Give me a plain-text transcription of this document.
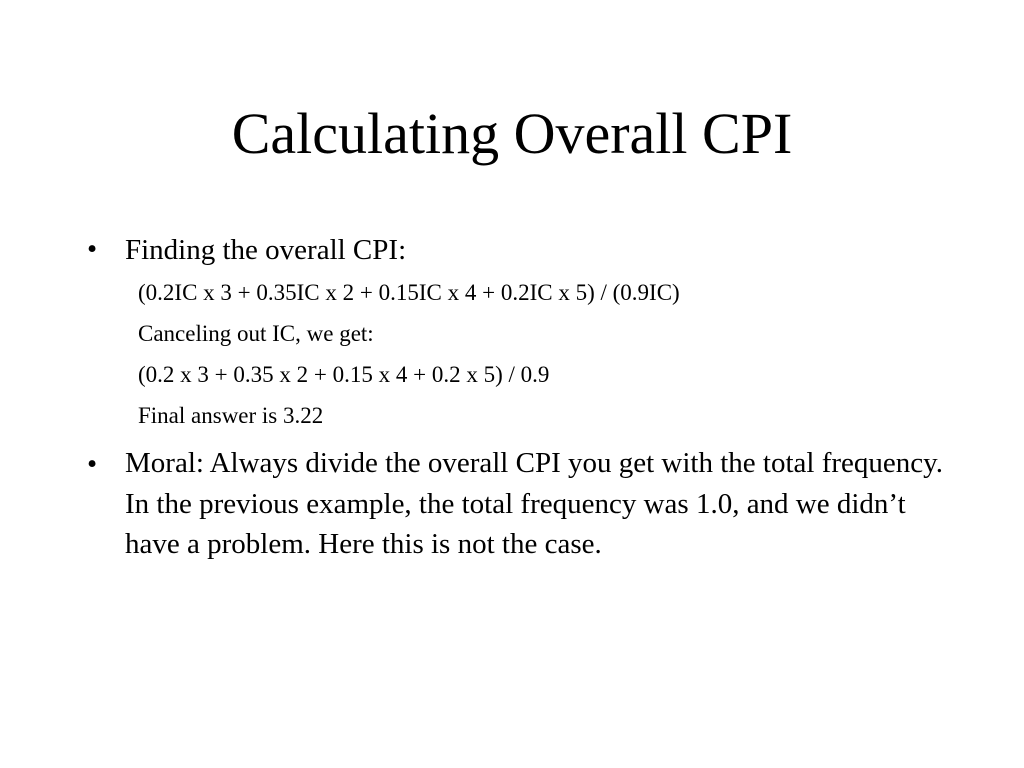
Calculating Overall CPI
• Finding the overall CPI:
(0.2IC x 3 + 0.35IC x 2 + 0.15IC x 4 + 0.2IC x 5) / (0.9IC)
Canceling out IC, we get:
(0.2 x 3 + 0.35 x 2 + 0.15 x 4 + 0.2 x 5) / 0.9
Final answer is 3.22
• Moral: Always divide the overall CPI you get with the total frequency. In the previous example, the total frequency was 1.0, and we didn’t have a problem. Here this is not the case.
